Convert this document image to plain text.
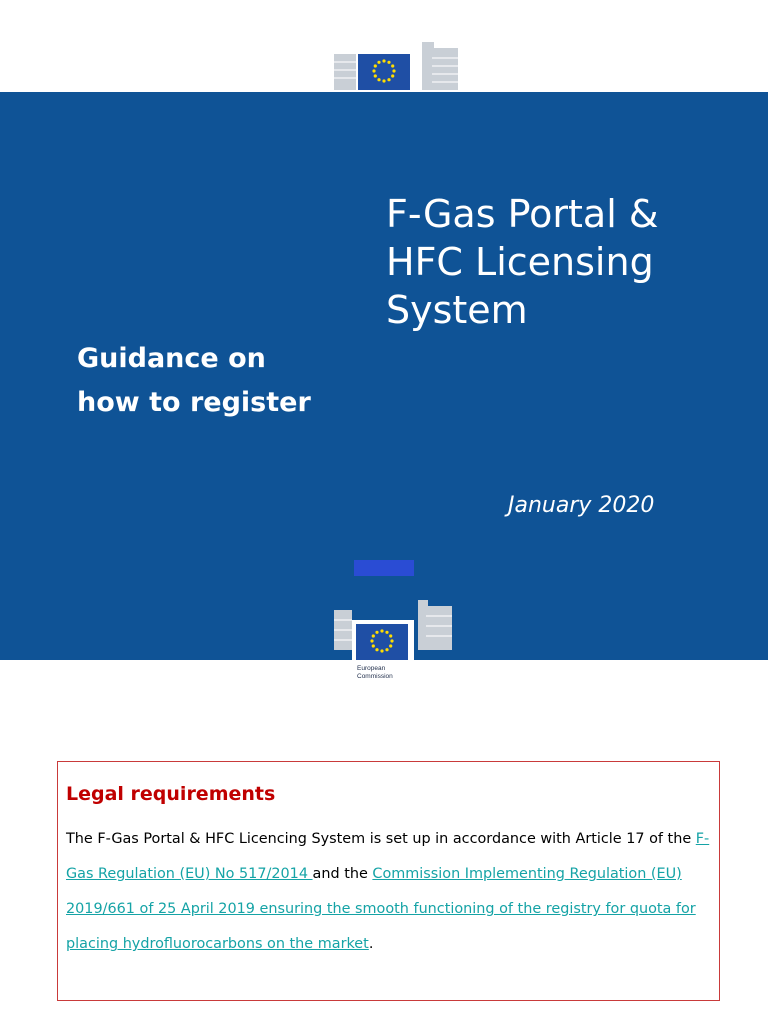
F-Gas Portal &
HFC Licensing
System
Guidance on
how to register

January 2020

European
Commission
Legal requirements

The F-Gas Portal & HFC Licencing System is set up in accordance with Article 17 of the F-Gas Regulation (EU) No 517/2014 and the Commission Implementing Regulation (EU) 2019/661 of 25 April 2019 ensuring the smooth functioning of the registry for quota for placing hydrofluorocarbons on the market.
